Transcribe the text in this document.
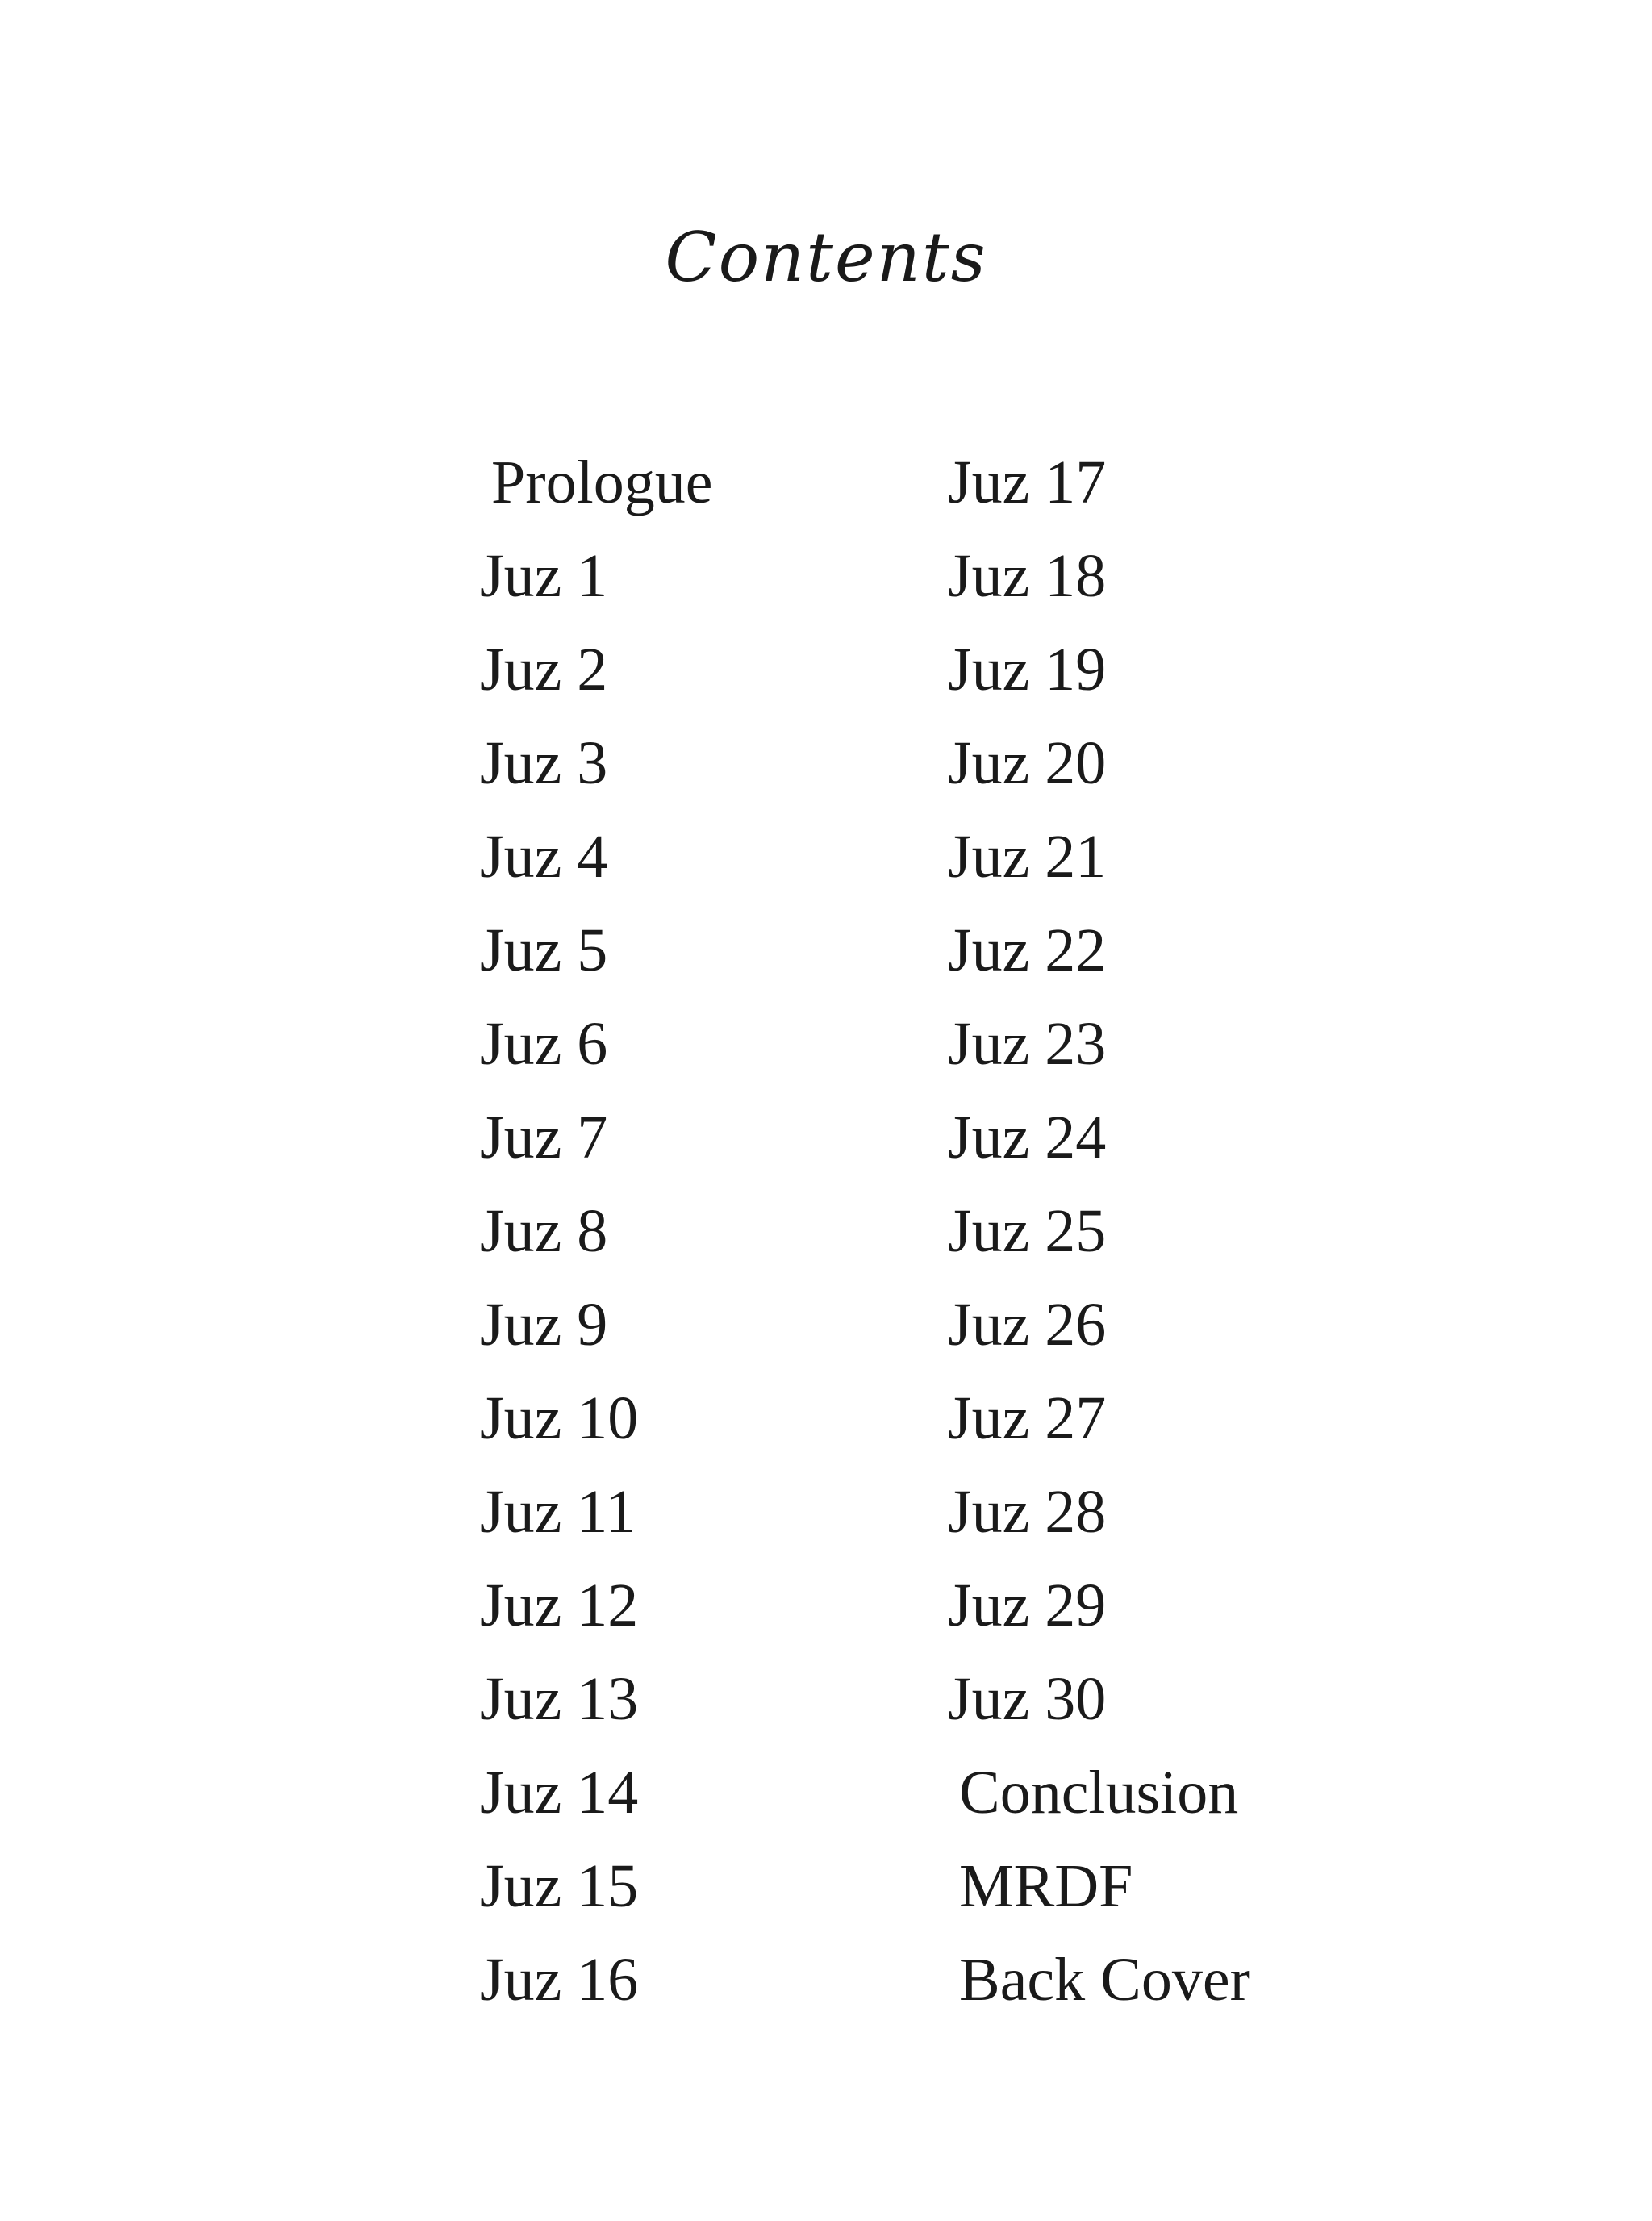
Contents
Prologue
Juz 1
Juz 2
Juz 3
Juz 4
Juz 5
Juz 6
Juz 7
Juz 8
Juz 9
Juz 10
Juz 11
Juz 12
Juz 13
Juz 14
Juz 15
Juz 16
Juz 17
Juz 18
Juz 19
Juz 20
Juz 21
Juz 22
Juz 23
Juz 24
Juz 25
Juz 26
Juz 27
Juz 28
Juz 29
Juz 30
Conclusion
MRDF
Back Cover
